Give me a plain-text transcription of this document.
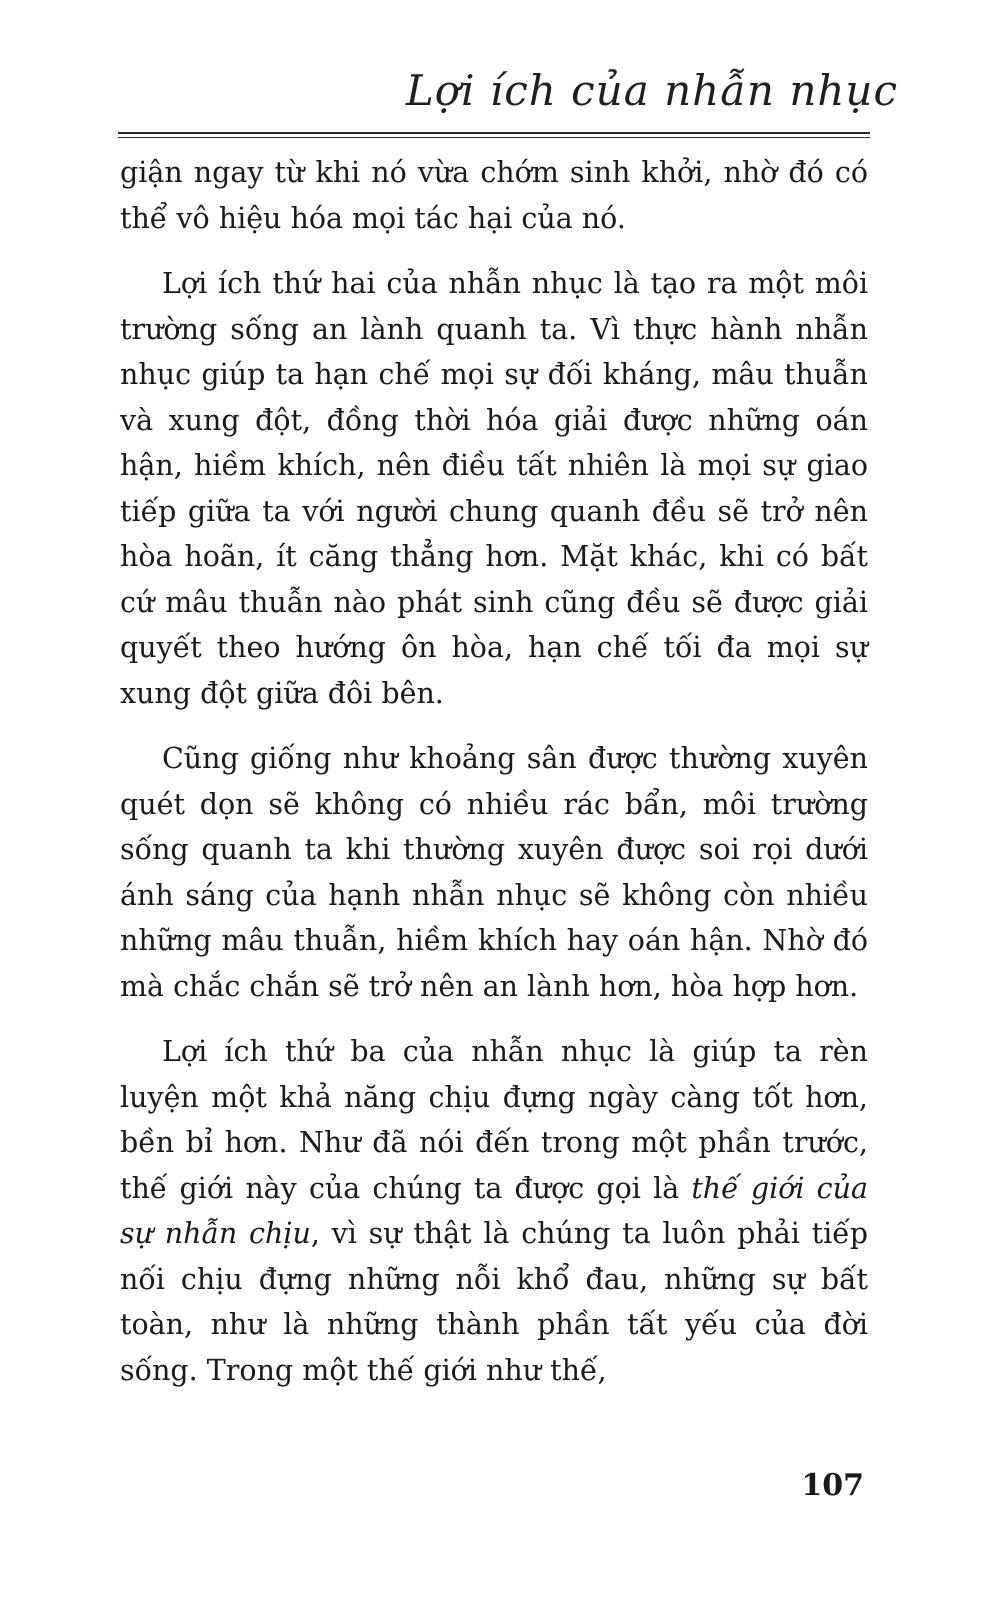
Lợi ích của nhẫn nhục

giận ngay từ khi nó vừa chớm sinh khởi, nhờ đó có thể vô hiệu hóa mọi tác hại của nó.

Lợi ích thứ hai của nhẫn nhục là tạo ra một môi trường sống an lành quanh ta. Vì thực hành nhẫn nhục giúp ta hạn chế mọi sự đối kháng, mâu thuẫn và xung đột, đồng thời hóa giải được những oán hận, hiềm khích, nên điều tất nhiên là mọi sự giao tiếp giữa ta với người chung quanh đều sẽ trở nên hòa hoãn, ít căng thẳng hơn. Mặt khác, khi có bất cứ mâu thuẫn nào phát sinh cũng đều sẽ được giải quyết theo hướng ôn hòa, hạn chế tối đa mọi sự xung đột giữa đôi bên.

Cũng giống như khoảng sân được thường xuyên quét dọn sẽ không có nhiều rác bẩn, môi trường sống quanh ta khi thường xuyên được soi rọi dưới ánh sáng của hạnh nhẫn nhục sẽ không còn nhiều những mâu thuẫn, hiềm khích hay oán hận. Nhờ đó mà chắc chắn sẽ trở nên an lành hơn, hòa hợp hơn.

Lợi ích thứ ba của nhẫn nhục là giúp ta rèn luyện một khả năng chịu đựng ngày càng tốt hơn, bền bỉ hơn. Như đã nói đến trong một phần trước, thế giới này của chúng ta được gọi là thế giới của sự nhẫn chịu, vì sự thật là chúng ta luôn phải tiếp nối chịu đựng những nỗi khổ đau, những sự bất toàn, như là những thành phần tất yếu của đời sống. Trong một thế giới như thế,

107
